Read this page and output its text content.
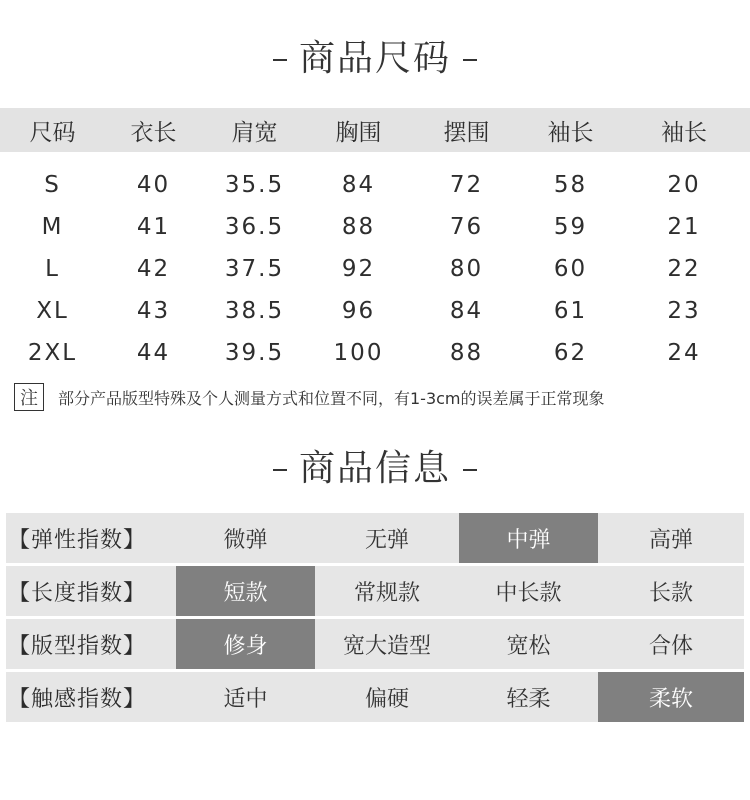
商品尺码
尺码	衣长	肩宽	胸围	摆围	袖长	袖长
S	40	35.5	84	72	58	20
M	41	36.5	88	76	59	21
L	42	37.5	92	80	60	22
XL	43	38.5	96	84	61	23
2XL	44	39.5	100	88	62	24
注	部分产品版型特殊及个人测量方式和位置不同，有1-3cm的误差属于正常现象
商品信息
【弹性指数】	微弹	无弹	中弹	高弹
【长度指数】	短款	常规款	中长款	长款
【版型指数】	修身	宽大造型	宽松	合体
【触感指数】	适中	偏硬	轻柔	柔软
